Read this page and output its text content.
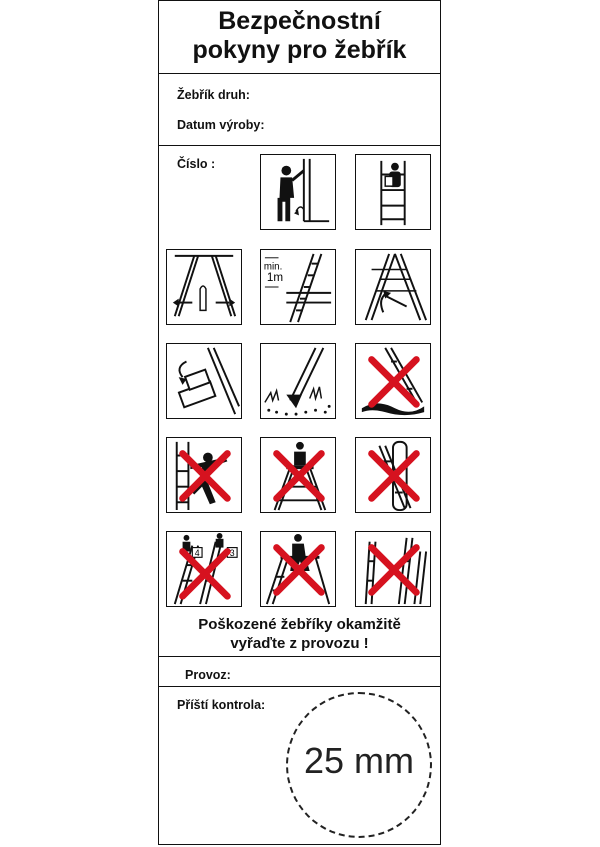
Bezpečnostní
pokyny pro žebřík
Žebřík druh:
Datum výroby:
Číslo :
Poškozené žebříky okamžitě
vyřaďte z provozu !
Provoz:
Příští kontrola:
min.
1m
4	3
25 mm
